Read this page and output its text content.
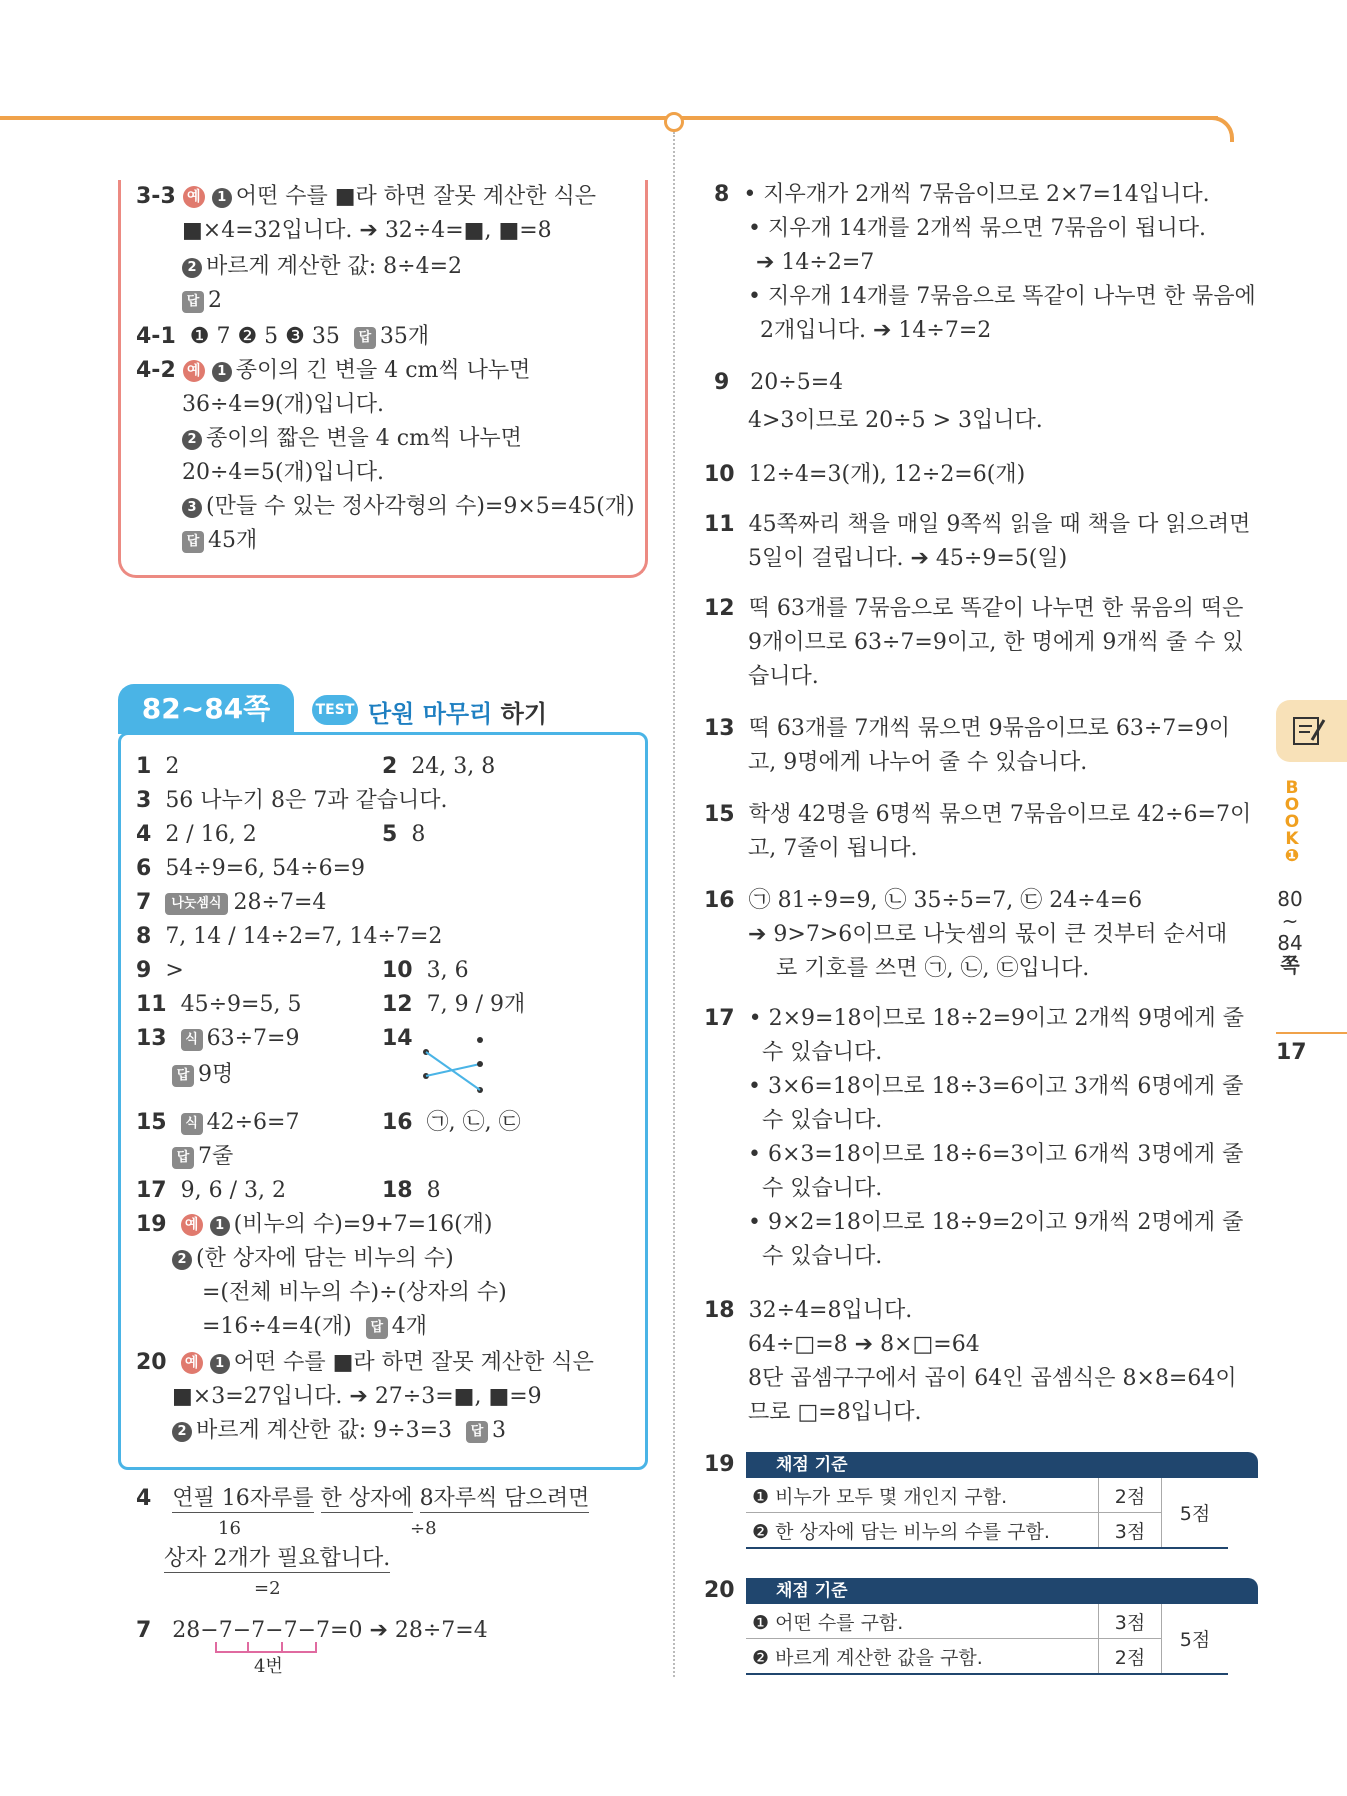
3-3 예 1 어떤 수를 ■라 하면 잘못 계산한 식은
■×4=32입니다. ➔ 32÷4=■, ■=8
2 바르게 계산한 값: 8÷4=2
답 2
4-1 ❶ 7 ❷ 5 ❸ 35 답 35개
4-2 예 1 종이의 긴 변을 4 cm씩 나누면
36÷4=9(개)입니다.
2 종이의 짧은 변을 4 cm씩 나누면
20÷4=5(개)입니다.
3 (만들 수 있는 정사각형의 수)=9×5=45(개)
답 45개
82~84쪽	TEST 단원 마무리 하기
1 2	2 24, 3, 8
3 56 나누기 8은 7과 같습니다.
4 2 / 16, 2	5 8
6 54÷9=6, 54÷6=9
7 나눗셈식 28÷7=4
8 7, 14 / 14÷2=7, 14÷7=2
9 >	10 3, 6
11 45÷9=5, 5	12 7, 9 / 9개
13 식 63÷7=9
답 9명
14
15 식 42÷6=7
답 7줄
16 ㉠, ㉡, ㉢
17 9, 6 / 3, 2	18 8
19 예 1 (비누의 수)=9+7=16(개)
2 (한 상자에 담는 비누의 수)
=(전체 비누의 수)÷(상자의 수)
=16÷4=4(개) 답 4개
20 예 1 어떤 수를 ■라 하면 잘못 계산한 식은
■×3=27입니다. ➔ 27÷3=■, ■=9
2 바르게 계산한 값: 9÷3=3 답 3
4 연필 16자루를 한 상자에 8자루씩 담으려면
16	÷8
상자 2개가 필요합니다.
=2
7 28−7−7−7−7=0 ➔ 28÷7=4
4번
8 • 지우개가 2개씩 7묶음이므로 2×7=14입니다.
• 지우개 14개를 2개씩 묶으면 7묶음이 됩니다.
➔ 14÷2=7
• 지우개 14개를 7묶음으로 똑같이 나누면 한 묶음에
2개입니다. ➔ 14÷7=2
9 20÷5=4
4>3이므로 20÷5 > 3입니다.
10 12÷4=3(개), 12÷2=6(개)
11 45쪽짜리 책을 매일 9쪽씩 읽을 때 책을 다 읽으려면
5일이 걸립니다. ➔ 45÷9=5(일)
12 떡 63개를 7묶음으로 똑같이 나누면 한 묶음의 떡은
9개이므로 63÷7=9이고, 한 명에게 9개씩 줄 수 있
습니다.
13 떡 63개를 7개씩 묶으면 9묶음이므로 63÷7=9이
고, 9명에게 나누어 줄 수 있습니다.
15 학생 42명을 6명씩 묶으면 7묶음이므로 42÷6=7이
고, 7줄이 됩니다.
16 ㉠ 81÷9=9, ㉡ 35÷5=7, ㉢ 24÷4=6
➔ 9>7>6이므로 나눗셈의 몫이 큰 것부터 순서대
로 기호를 쓰면 ㉠, ㉡, ㉢입니다.
17 • 2×9=18이므로 18÷2=9이고 2개씩 9명에게 줄
수 있습니다.
• 3×6=18이므로 18÷3=6이고 3개씩 6명에게 줄
수 있습니다.
• 6×3=18이므로 18÷6=3이고 6개씩 3명에게 줄
수 있습니다.
• 9×2=18이므로 18÷9=2이고 9개씩 2명에게 줄
수 있습니다.
18 32÷4=8입니다.
64÷□=8 ➔ 8×□=64
8단 곱셈구구에서 곱이 64인 곱셈식은 8×8=64이
므로 □=8입니다.
19	채점 기준
❶ 비누가 모두 몇 개인지 구함.	2점	5점
❷ 한 상자에 담는 비누의 수를 구함.	3점	
20	채점 기준
❶ 어떤 수를 구함.	3점	5점
❷ 바르게 계산한 값을 구함.	2점	
B
O
O
K
❶
80
~
84
쪽
17
